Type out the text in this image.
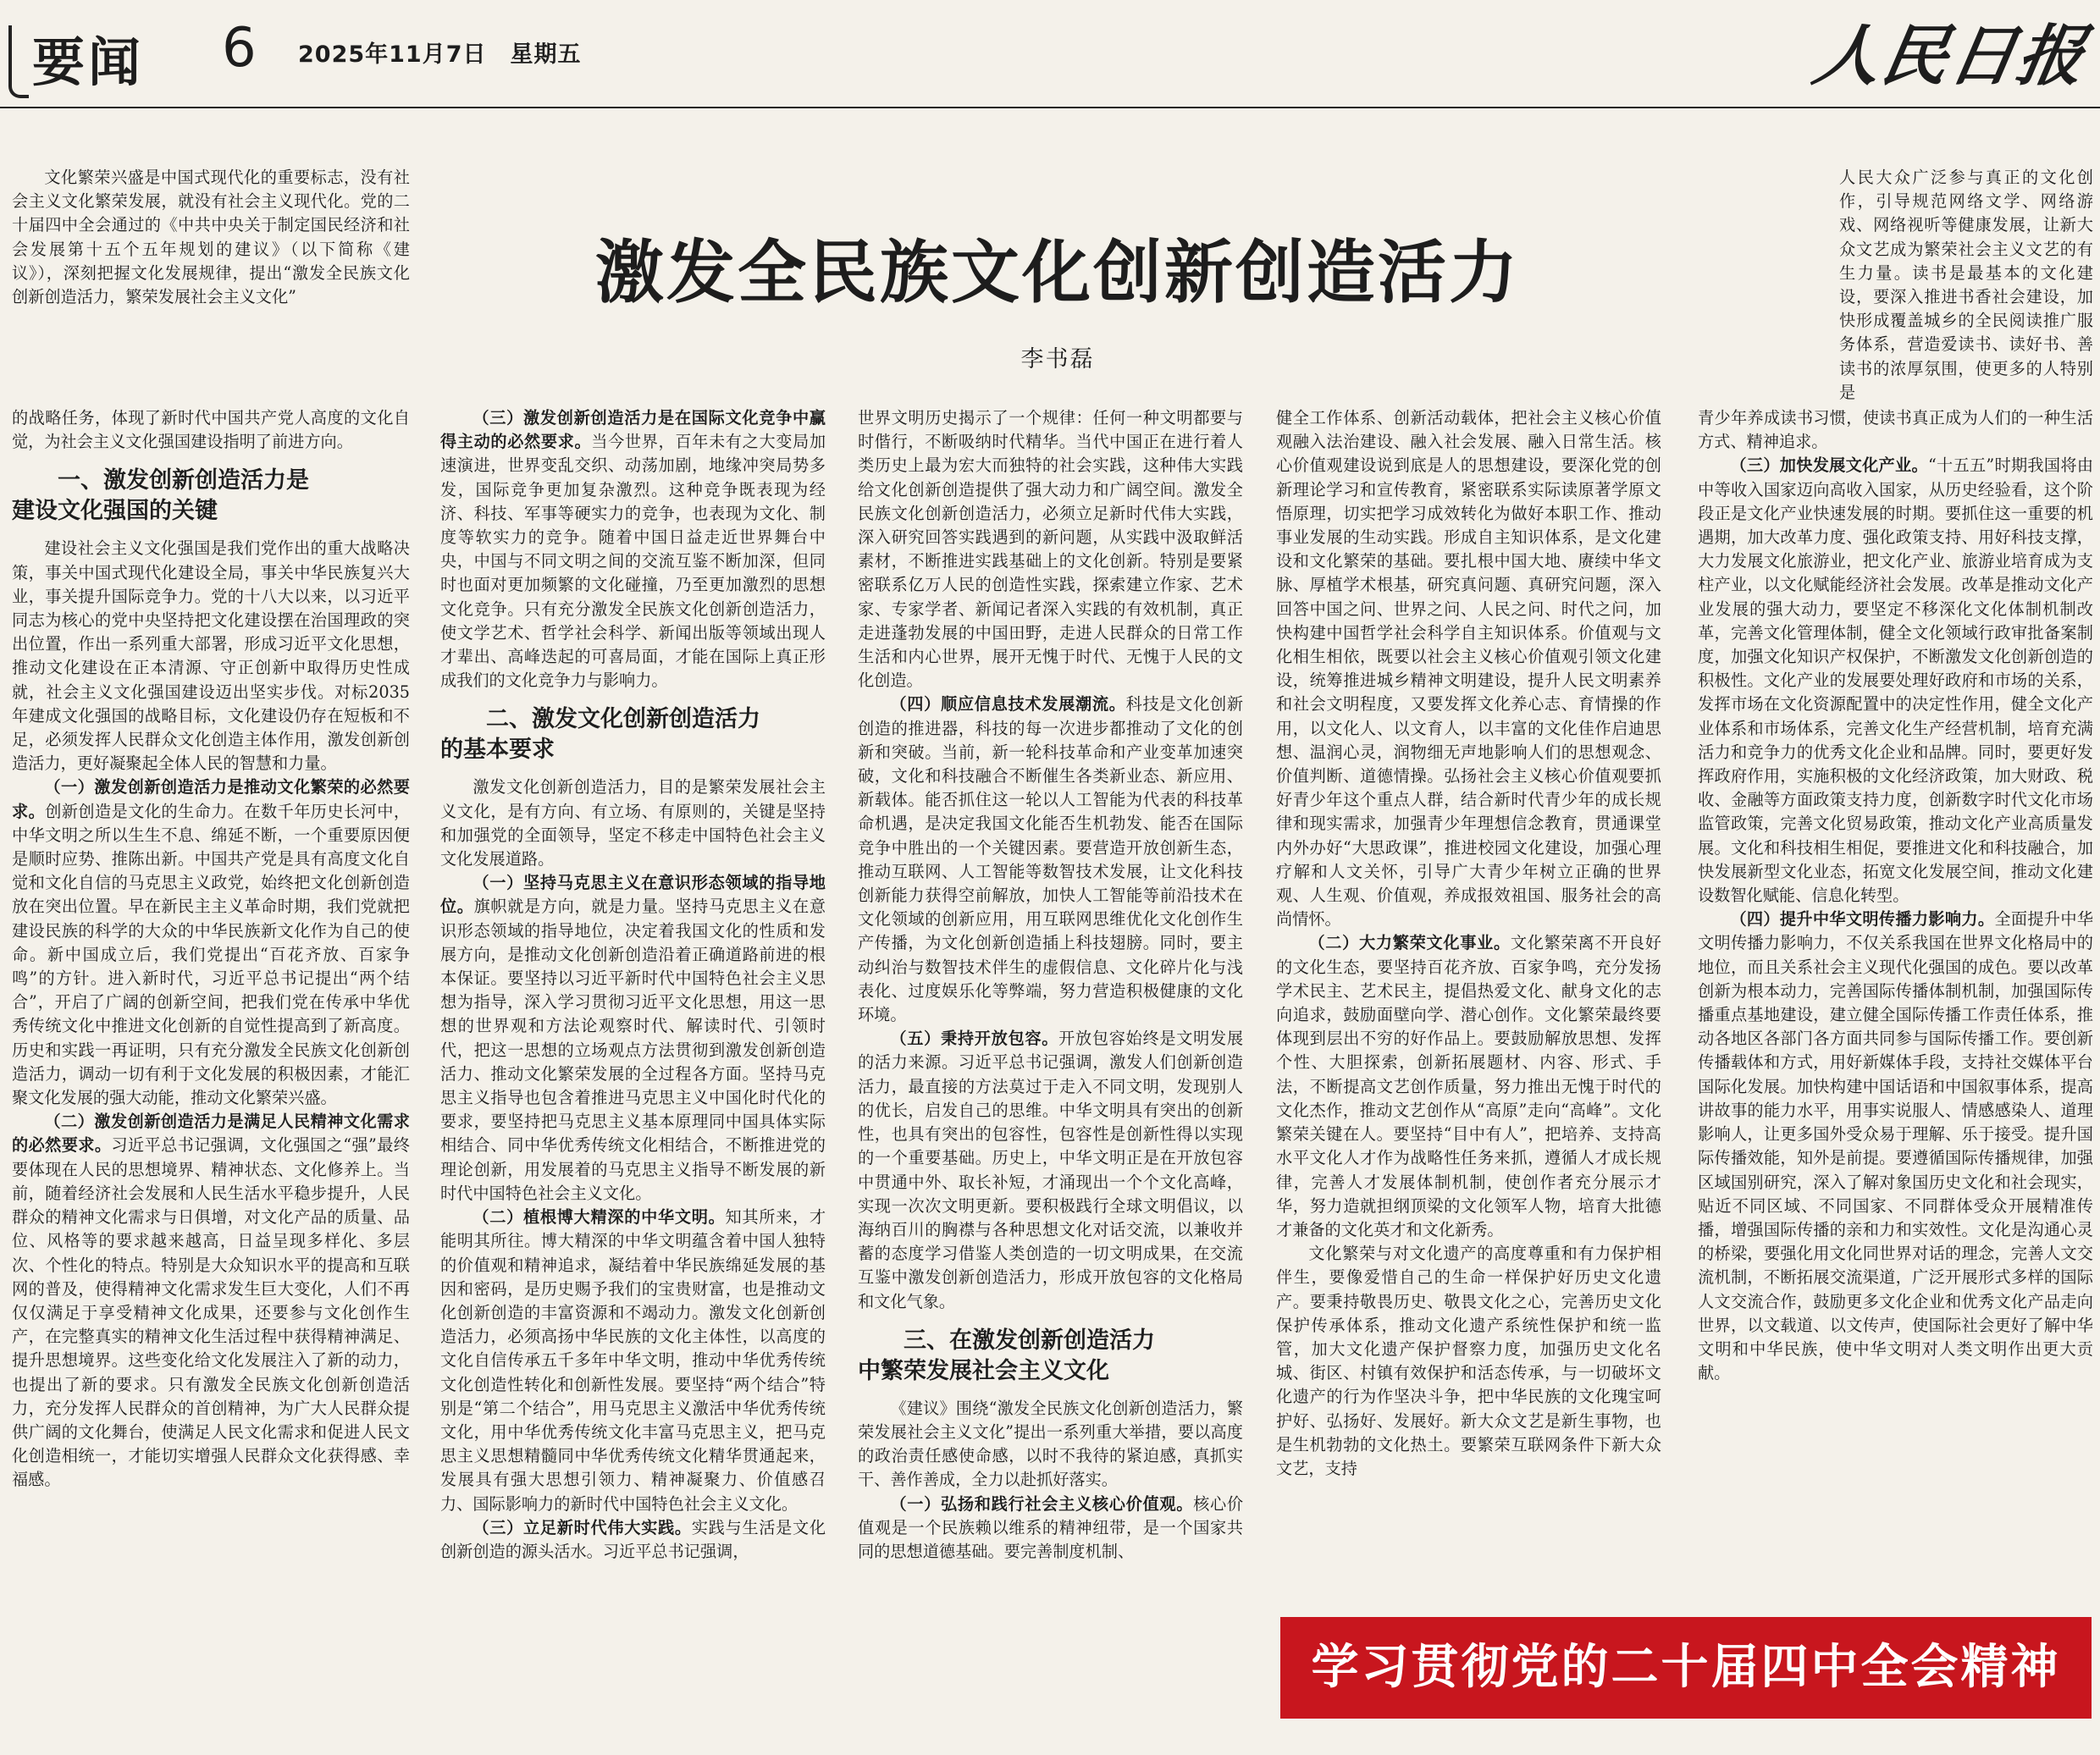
要闻 6 2025年11月7日　星期五	人民日报

文化繁荣兴盛是中国式现代化的重要标志，没有社会主义文化繁荣发展，就没有社会主义现代化。党的二十届四中全会通过的《中共中央关于制定国民经济和社会发展第十五个五年规划的建议》（以下简称《建议》），深刻把握文化发展规律，提出“激发全民族文化创新创造活力，繁荣发展社会主义文化”

人民大众广泛参与真正的文化创作，引导规范网络文学、网络游戏、网络视听等健康发展，让新大众文艺成为繁荣社会主义文艺的有生力量。读书是最基本的文化建设，要深入推进书香社会建设，加快形成覆盖城乡的全民阅读推广服务体系，营造爱读书、读好书、善读书的浓厚氛围，使更多的人特别是

激发全民族文化创新创造活力
李书磊

的战略任务，体现了新时代中国共产党人高度的文化自觉，为社会主义文化强国建设指明了前进方向。

一、激发创新创造活力是
建设文化强国的关键

建设社会主义文化强国是我们党作出的重大战略决策，事关中国式现代化建设全局，事关中华民族复兴大业，事关提升国际竞争力。党的十八大以来，以习近平同志为核心的党中央坚持把文化建设摆在治国理政的突出位置，作出一系列重大部署，形成习近平文化思想，推动文化建设在正本清源、守正创新中取得历史性成就，社会主义文化强国建设迈出坚实步伐。对标2035年建成文化强国的战略目标，文化建设仍存在短板和不足，必须发挥人民群众文化创造主体作用，激发创新创造活力，更好凝聚起全体人民的智慧和力量。

（一）激发创新创造活力是推动文化繁荣的必然要求。创新创造是文化的生命力。在数千年历史长河中，中华文明之所以生生不息、绵延不断，一个重要原因便是顺时应势、推陈出新。中国共产党是具有高度文化自觉和文化自信的马克思主义政党，始终把文化创新创造放在突出位置。早在新民主主义革命时期，我们党就把建设民族的科学的大众的中华民族新文化作为自己的使命。新中国成立后，我们党提出“百花齐放、百家争鸣”的方针。进入新时代，习近平总书记提出“两个结合”，开启了广阔的创新空间，把我们党在传承中华优秀传统文化中推进文化创新的自觉性提高到了新高度。历史和实践一再证明，只有充分激发全民族文化创新创造活力，调动一切有利于文化发展的积极因素，才能汇聚文化发展的强大动能，推动文化繁荣兴盛。

（二）激发创新创造活力是满足人民精神文化需求的必然要求。习近平总书记强调，文化强国之“强”最终要体现在人民的思想境界、精神状态、文化修养上。当前，随着经济社会发展和人民生活水平稳步提升，人民群众的精神文化需求与日俱增，对文化产品的质量、品位、风格等的要求越来越高，日益呈现多样化、多层次、个性化的特点。特别是大众知识水平的提高和互联网的普及，使得精神文化需求发生巨大变化，人们不再仅仅满足于享受精神文化成果，还要参与文化创作生产，在完整真实的精神文化生活过程中获得精神满足、提升思想境界。这些变化给文化发展注入了新的动力，也提出了新的要求。只有激发全民族文化创新创造活力，充分发挥人民群众的首创精神，为广大人民群众提供广阔的文化舞台，使满足人民文化需求和促进人民文化创造相统一，才能切实增强人民群众文化获得感、幸福感。

（三）激发创新创造活力是在国际文化竞争中赢得主动的必然要求。当今世界，百年未有之大变局加速演进，世界变乱交织、动荡加剧，地缘冲突局势多发，国际竞争更加复杂激烈。这种竞争既表现为经济、科技、军事等硬实力的竞争，也表现为文化、制度等软实力的竞争。随着中国日益走近世界舞台中央，中国与不同文明之间的交流互鉴不断加深，但同时也面对更加频繁的文化碰撞，乃至更加激烈的思想文化竞争。只有充分激发全民族文化创新创造活力，使文学艺术、哲学社会科学、新闻出版等领域出现人才辈出、高峰迭起的可喜局面，才能在国际上真正形成我们的文化竞争力与影响力。

二、激发文化创新创造活力
的基本要求

激发文化创新创造活力，目的是繁荣发展社会主义文化，是有方向、有立场、有原则的，关键是坚持和加强党的全面领导，坚定不移走中国特色社会主义文化发展道路。

（一）坚持马克思主义在意识形态领域的指导地位。旗帜就是方向，就是力量。坚持马克思主义在意识形态领域的指导地位，决定着我国文化的性质和发展方向，是推动文化创新创造沿着正确道路前进的根本保证。要坚持以习近平新时代中国特色社会主义思想为指导，深入学习贯彻习近平文化思想，用这一思想的世界观和方法论观察时代、解读时代、引领时代，把这一思想的立场观点方法贯彻到激发创新创造活力、推动文化繁荣发展的全过程各方面。坚持马克思主义指导也包含着推进马克思主义中国化时代化的要求，要坚持把马克思主义基本原理同中国具体实际相结合、同中华优秀传统文化相结合，不断推进党的理论创新，用发展着的马克思主义指导不断发展的新时代中国特色社会主义文化。

（二）植根博大精深的中华文明。知其所来，才能明其所往。博大精深的中华文明蕴含着中国人独特的价值观和精神追求，凝结着中华民族绵延发展的基因和密码，是历史赐予我们的宝贵财富，也是推动文化创新创造的丰富资源和不竭动力。激发文化创新创造活力，必须高扬中华民族的文化主体性，以高度的文化自信传承五千多年中华文明，推动中华优秀传统文化创造性转化和创新性发展。要坚持“两个结合”特别是“第二个结合”，用马克思主义激活中华优秀传统文化，用中华优秀传统文化丰富马克思主义，把马克思主义思想精髓同中华优秀传统文化精华贯通起来，发展具有强大思想引领力、精神凝聚力、价值感召力、国际影响力的新时代中国特色社会主义文化。

（三）立足新时代伟大实践。实践与生活是文化创新创造的源头活水。习近平总书记强调，

世界文明历史揭示了一个规律：任何一种文明都要与时偕行，不断吸纳时代精华。当代中国正在进行着人类历史上最为宏大而独特的社会实践，这种伟大实践给文化创新创造提供了强大动力和广阔空间。激发全民族文化创新创造活力，必须立足新时代伟大实践，深入研究回答实践遇到的新问题，从实践中汲取鲜活素材，不断推进实践基础上的文化创新。特别是要紧密联系亿万人民的创造性实践，探索建立作家、艺术家、专家学者、新闻记者深入实践的有效机制，真正走进蓬勃发展的中国田野，走进人民群众的日常工作生活和内心世界，展开无愧于时代、无愧于人民的文化创造。

（四）顺应信息技术发展潮流。科技是文化创新创造的推进器，科技的每一次进步都推动了文化的创新和突破。当前，新一轮科技革命和产业变革加速突破，文化和科技融合不断催生各类新业态、新应用、新载体。能否抓住这一轮以人工智能为代表的科技革命机遇，是决定我国文化能否生机勃发、能否在国际竞争中胜出的一个关键因素。要营造开放创新生态，推动互联网、人工智能等数智技术发展，让文化科技创新能力获得空前解放，加快人工智能等前沿技术在文化领域的创新应用，用互联网思维优化文化创作生产传播，为文化创新创造插上科技翅膀。同时，要主动纠治与数智技术伴生的虚假信息、文化碎片化与浅表化、过度娱乐化等弊端，努力营造积极健康的文化环境。

（五）秉持开放包容。开放包容始终是文明发展的活力来源。习近平总书记强调，激发人们创新创造活力，最直接的方法莫过于走入不同文明，发现别人的优长，启发自己的思维。中华文明具有突出的创新性，也具有突出的包容性，包容性是创新性得以实现的一个重要基础。历史上，中华文明正是在开放包容中贯通中外、取长补短，才涌现出一个个文化高峰，实现一次次文明更新。要积极践行全球文明倡议，以海纳百川的胸襟与各种思想文化对话交流，以兼收并蓄的态度学习借鉴人类创造的一切文明成果，在交流互鉴中激发创新创造活力，形成开放包容的文化格局和文化气象。

三、在激发创新创造活力
中繁荣发展社会主义文化

《建议》围绕“激发全民族文化创新创造活力，繁荣发展社会主义文化”提出一系列重大举措，要以高度的政治责任感使命感，以时不我待的紧迫感，真抓实干、善作善成，全力以赴抓好落实。

（一）弘扬和践行社会主义核心价值观。核心价值观是一个民族赖以维系的精神纽带，是一个国家共同的思想道德基础。要完善制度机制、

健全工作体系、创新活动载体，把社会主义核心价值观融入法治建设、融入社会发展、融入日常生活。核心价值观建设说到底是人的思想建设，要深化党的创新理论学习和宣传教育，紧密联系实际读原著学原文悟原理，切实把学习成效转化为做好本职工作、推动事业发展的生动实践。形成自主知识体系，是文化建设和文化繁荣的基础。要扎根中国大地、赓续中华文脉、厚植学术根基，研究真问题、真研究问题，深入回答中国之问、世界之问、人民之问、时代之问，加快构建中国哲学社会科学自主知识体系。价值观与文化相生相依，既要以社会主义核心价值观引领文化建设，统筹推进城乡精神文明建设，提升人民文明素养和社会文明程度，又要发挥文化养心志、育情操的作用，以文化人、以文育人，以丰富的文化佳作启迪思想、温润心灵，润物细无声地影响人们的思想观念、价值判断、道德情操。弘扬社会主义核心价值观要抓好青少年这个重点人群，结合新时代青少年的成长规律和现实需求，加强青少年理想信念教育，贯通课堂内外办好“大思政课”，推进校园文化建设，加强心理疗解和人文关怀，引导广大青少年树立正确的世界观、人生观、价值观，养成报效祖国、服务社会的高尚情怀。

（二）大力繁荣文化事业。文化繁荣离不开良好的文化生态，要坚持百花齐放、百家争鸣，充分发扬学术民主、艺术民主，提倡热爱文化、献身文化的志向追求，鼓励面壁向学、潜心创作。文化繁荣最终要体现到层出不穷的好作品上。要鼓励解放思想、发挥个性、大胆探索，创新拓展题材、内容、形式、手法，不断提高文艺创作质量，努力推出无愧于时代的文化杰作，推动文艺创作从“高原”走向“高峰”。文化繁荣关键在人。要坚持“目中有人”，把培养、支持高水平文化人才作为战略性任务来抓，遵循人才成长规律，完善人才发展体制机制，使创作者充分展示才华，努力造就担纲顶梁的文化领军人物，培育大批德才兼备的文化英才和文化新秀。

文化繁荣与对文化遗产的高度尊重和有力保护相伴生，要像爱惜自己的生命一样保护好历史文化遗产。要秉持敬畏历史、敬畏文化之心，完善历史文化保护传承体系，推动文化遗产系统性保护和统一监管，加大文化遗产保护督察力度，加强历史文化名城、街区、村镇有效保护和活态传承，与一切破坏文化遗产的行为作坚决斗争，把中华民族的文化瑰宝呵护好、弘扬好、发展好。新大众文艺是新生事物，也是生机勃勃的文化热土。要繁荣互联网条件下新大众文艺，支持

青少年养成读书习惯，使读书真正成为人们的一种生活方式、精神追求。

（三）加快发展文化产业。“十五五”时期我国将由中等收入国家迈向高收入国家，从历史经验看，这个阶段正是文化产业快速发展的时期。要抓住这一重要的机遇期，加大改革力度、强化政策支持、用好科技支撑，大力发展文化旅游业，把文化产业、旅游业培育成为支柱产业，以文化赋能经济社会发展。改革是推动文化产业发展的强大动力，要坚定不移深化文化体制机制改革，完善文化管理体制，健全文化领域行政审批备案制度，加强文化知识产权保护，不断激发文化创新创造的积极性。文化产业的发展要处理好政府和市场的关系，发挥市场在文化资源配置中的决定性作用，健全文化产业体系和市场体系，完善文化生产经营机制，培育充满活力和竞争力的优秀文化企业和品牌。同时，要更好发挥政府作用，实施积极的文化经济政策，加大财政、税收、金融等方面政策支持力度，创新数字时代文化市场监管政策，完善文化贸易政策，推动文化产业高质量发展。文化和科技相生相促，要推进文化和科技融合，加快发展新型文化业态，拓宽文化发展空间，推动文化建设数智化赋能、信息化转型。

（四）提升中华文明传播力影响力。全面提升中华文明传播力影响力，不仅关系我国在世界文化格局中的地位，而且关系社会主义现代化强国的成色。要以改革创新为根本动力，完善国际传播体制机制，加强国际传播重点基地建设，建立健全国际传播工作责任体系，推动各地区各部门各方面共同参与国际传播工作。要创新传播载体和方式，用好新媒体手段，支持社交媒体平台国际化发展。加快构建中国话语和中国叙事体系，提高讲故事的能力水平，用事实说服人、情感感染人、道理影响人，让更多国外受众易于理解、乐于接受。提升国际传播效能，知外是前提。要遵循国际传播规律，加强区域国别研究，深入了解对象国历史文化和社会现实，贴近不同区域、不同国家、不同群体受众开展精准传播，增强国际传播的亲和力和实效性。文化是沟通心灵的桥梁，要强化用文化同世界对话的理念，完善人文交流机制，不断拓展交流渠道，广泛开展形式多样的国际人文交流合作，鼓励更多文化企业和优秀文化产品走向世界，以文载道、以文传声，使国际社会更好了解中华文明和中华民族，使中华文明对人类文明作出更大贡献。

学习贯彻党的二十届四中全会精神
